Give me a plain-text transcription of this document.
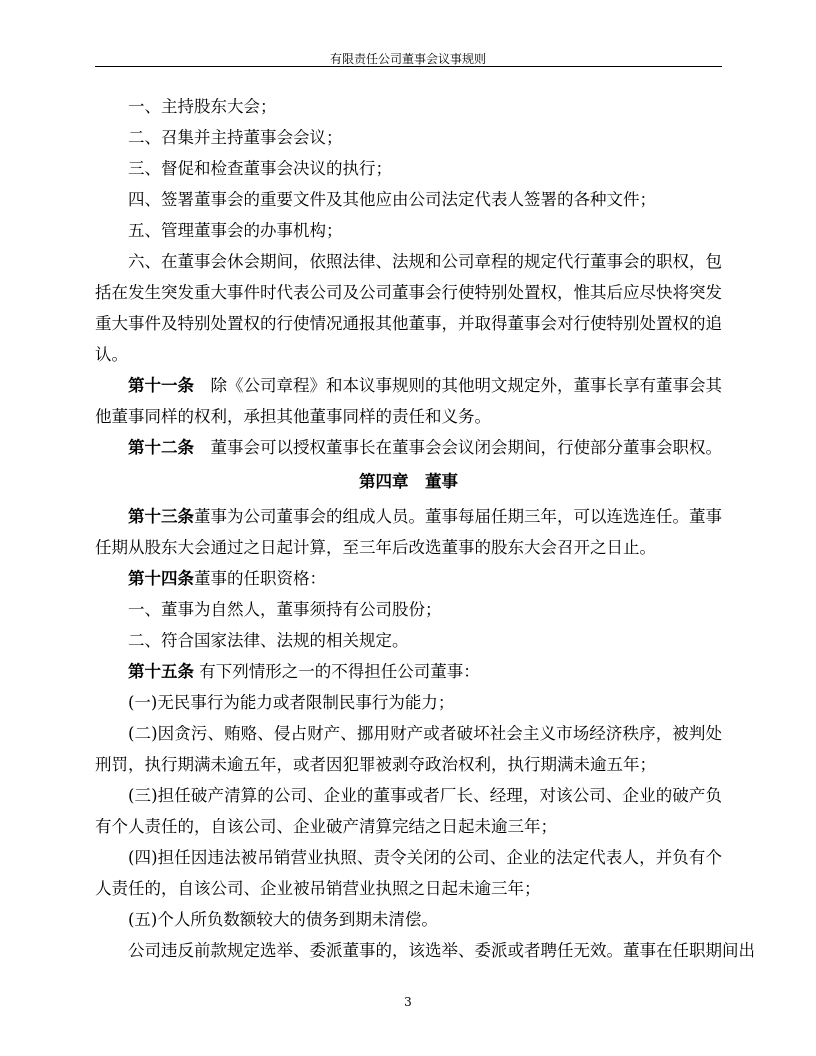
有限责任公司董事会议事规则

一、主持股东大会；

二、召集并主持董事会会议；

三、督促和检查董事会决议的执行；

四、签署董事会的重要文件及其他应由公司法定代表人签署的各种文件；

五、管理董事会的办事机构；

六、在董事会休会期间，依照法律、法规和公司章程的规定代行董事会的职权，包括在发生突发重大事件时代表公司及公司董事会行使特别处置权，惟其后应尽快将突发重大事件及特别处置权的行使情况通报其他董事，并取得董事会对行使特别处置权的追认。

第十一条　除《公司章程》和本议事规则的其他明文规定外，董事长享有董事会其他董事同样的权利，承担其他董事同样的责任和义务。

第十二条　董事会可以授权董事长在董事会会议闭会期间，行使部分董事会职权。

第四章　董事

第十三条董事为公司董事会的组成人员。董事每届任期三年，可以连选连任。董事任期从股东大会通过之日起计算，至三年后改选董事的股东大会召开之日止。

第十四条董事的任职资格：

一、董事为自然人，董事须持有公司股份；

二、符合国家法律、法规的相关规定。

第十五条 有下列情形之一的不得担任公司董事：

(一)无民事行为能力或者限制民事行为能力；

(二)因贪污、贿赂、侵占财产、挪用财产或者破坏社会主义市场经济秩序，被判处刑罚，执行期满未逾五年，或者因犯罪被剥夺政治权利，执行期满未逾五年；

(三)担任破产清算的公司、企业的董事或者厂长、经理，对该公司、企业的破产负有个人责任的，自该公司、企业破产清算完结之日起未逾三年；

(四)担任因违法被吊销营业执照、责令关闭的公司、企业的法定代表人，并负有个人责任的，自该公司、企业被吊销营业执照之日起未逾三年；

(五)个人所负数额较大的债务到期未清偿。

公司违反前款规定选举、委派董事的，该选举、委派或者聘任无效。董事在任职期间出

3
